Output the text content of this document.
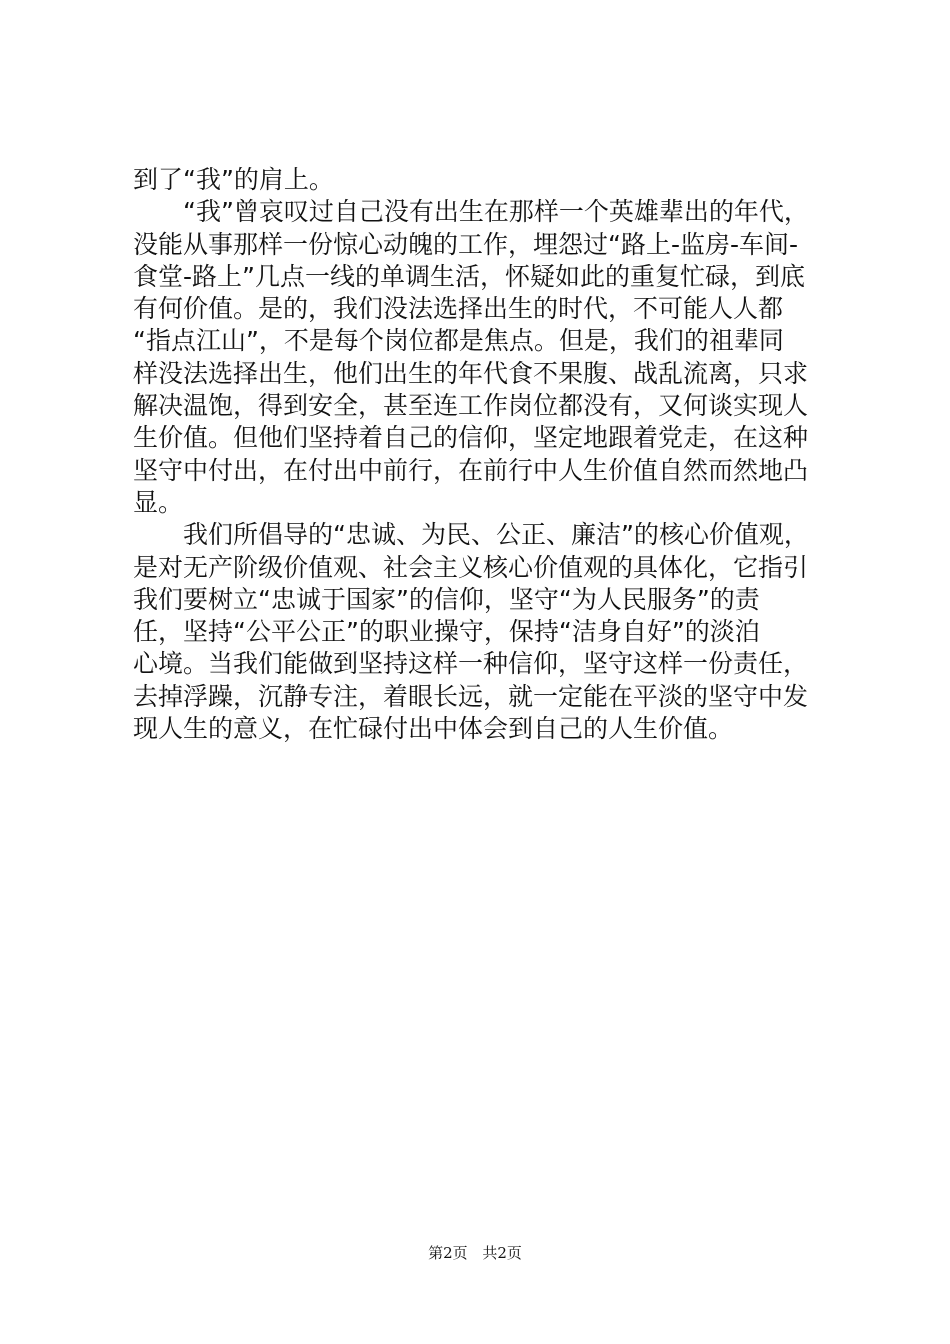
到了“我”的肩上。
“我”曾哀叹过自己没有出生在那样一个英雄辈出的年代，
没能从事那样一份惊心动魄的工作，埋怨过“路上-监房-车间-
食堂-路上”几点一线的单调生活，怀疑如此的重复忙碌，到底
有何价值。是的，我们没法选择出生的时代，不可能人人都
“指点江山”，不是每个岗位都是焦点。但是，我们的祖辈同
样没法选择出生，他们出生的年代食不果腹、战乱流离，只求
解决温饱，得到安全，甚至连工作岗位都没有，又何谈实现人
生价值。但他们坚持着自己的信仰，坚定地跟着党走，在这种
坚守中付出，在付出中前行，在前行中人生价值自然而然地凸
显。
我们所倡导的“忠诚、为民、公正、廉洁”的核心价值观，
是对无产阶级价值观、社会主义核心价值观的具体化，它指引
我们要树立“忠诚于国家”的信仰，坚守“为人民服务”的责
任，坚持“公平公正”的职业操守，保持“洁身自好”的淡泊
心境。当我们能做到坚持这样一种信仰，坚守这样一份责任，
去掉浮躁，沉静专注，着眼长远，就一定能在平淡的坚守中发
现人生的意义，在忙碌付出中体会到自己的人生价值。
第2页 共2页
